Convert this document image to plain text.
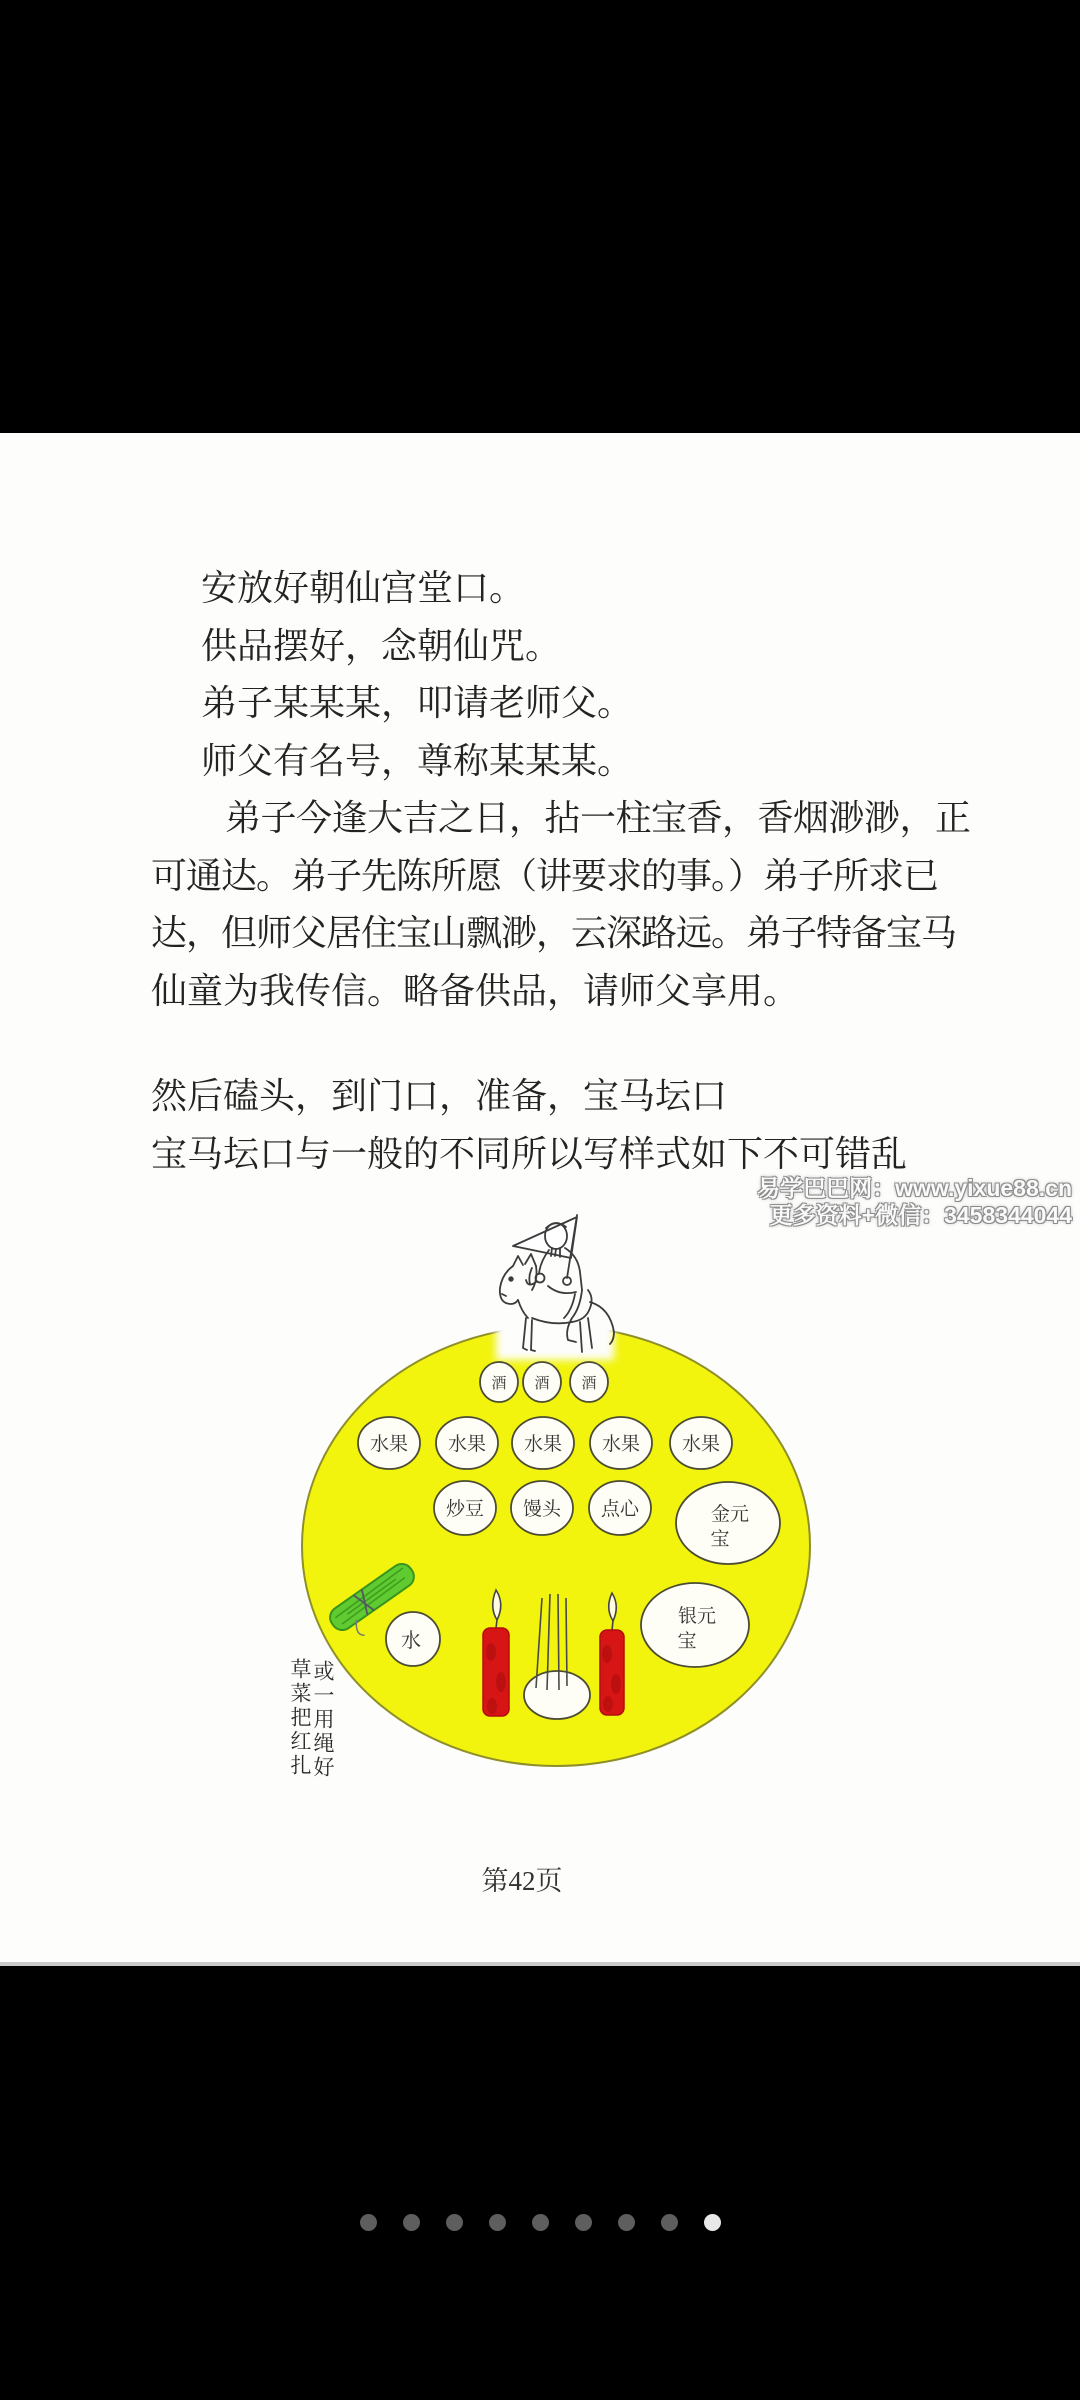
安放好朝仙宫堂口。
供品摆好，念朝仙咒。
弟子某某某，叩请老师父。
师父有名号，尊称某某某。
弟子今逢大吉之日，拈一柱宝香，香烟渺渺，正
可通达。弟子先陈所愿（讲要求的事。）弟子所求已
达，但师父居住宝山飘渺，云深路远。弟子特备宝马
仙童为我传信。略备供品，请师父享用。
然后磕头，到门口，准备，宝马坛口
宝马坛口与一般的不同所以写样式如下不可错乱
易学巴巴网：www.yixue88.cn
更多资料+微信：3458344044
酒 酒 酒
水果 水果 水果 水果 水果
炒豆 馒头 点心	金元
宝
银元
宝
水
草菜把红扎 或一用绳好
第42页
